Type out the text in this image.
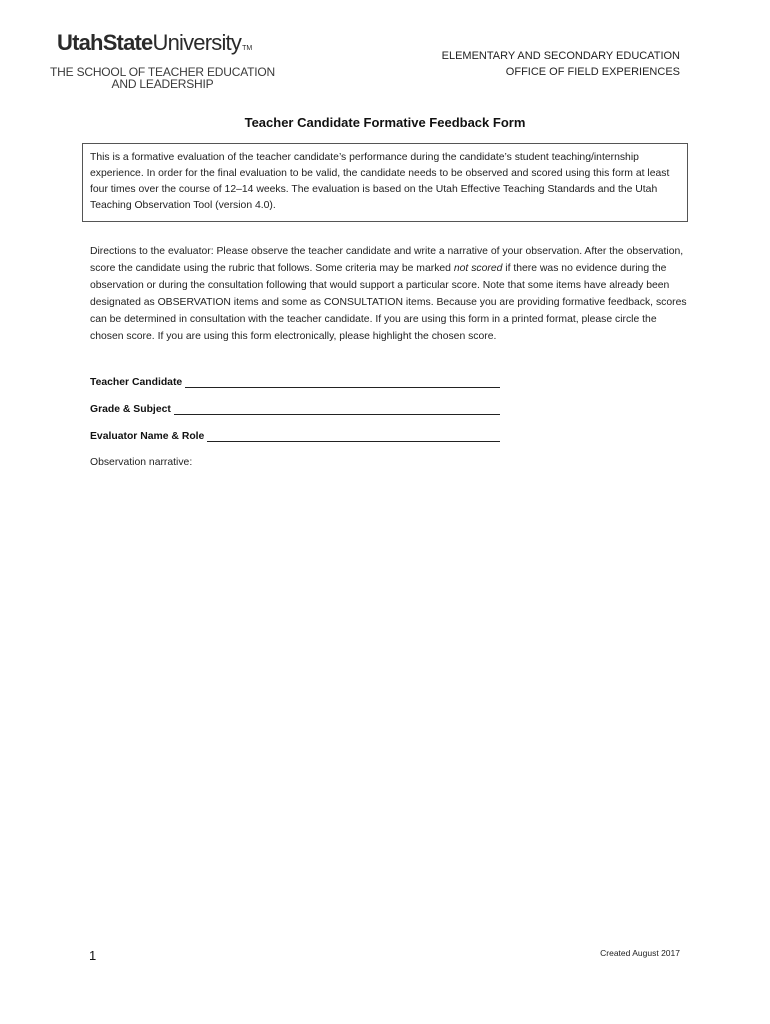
UtahStateUniversityTM
THE SCHOOL OF TEACHER EDUCATION
AND LEADERSHIP
ELEMENTARY AND SECONDARY EDUCATION
OFFICE OF FIELD EXPERIENCES
Teacher Candidate Formative Feedback Form
This is a formative evaluation of the teacher candidate’s performance during the candidate’s student teaching/internship experience. In order for the final evaluation to be valid, the candidate needs to be observed and scored using this form at least four times over the course of 12–14 weeks. The evaluation is based on the Utah Effective Teaching Standards and the Utah Teaching Observation Tool (version 4.0).
Directions to the evaluator: Please observe the teacher candidate and write a narrative of your observation. After the observation, score the candidate using the rubric that follows. Some criteria may be marked not scored if there was no evidence during the observation or during the consultation following that would support a particular score. Note that some items have already been designated as OBSERVATION items and some as CONSULTATION items. Because you are providing formative feedback, scores can be determined in consultation with the teacher candidate. If you are using this form in a printed format, please circle the chosen score. If you are using this form electronically, please highlight the chosen score.
Teacher Candidate
Grade & Subject
Evaluator Name & Role
Observation narrative:
1	Created August 2017
